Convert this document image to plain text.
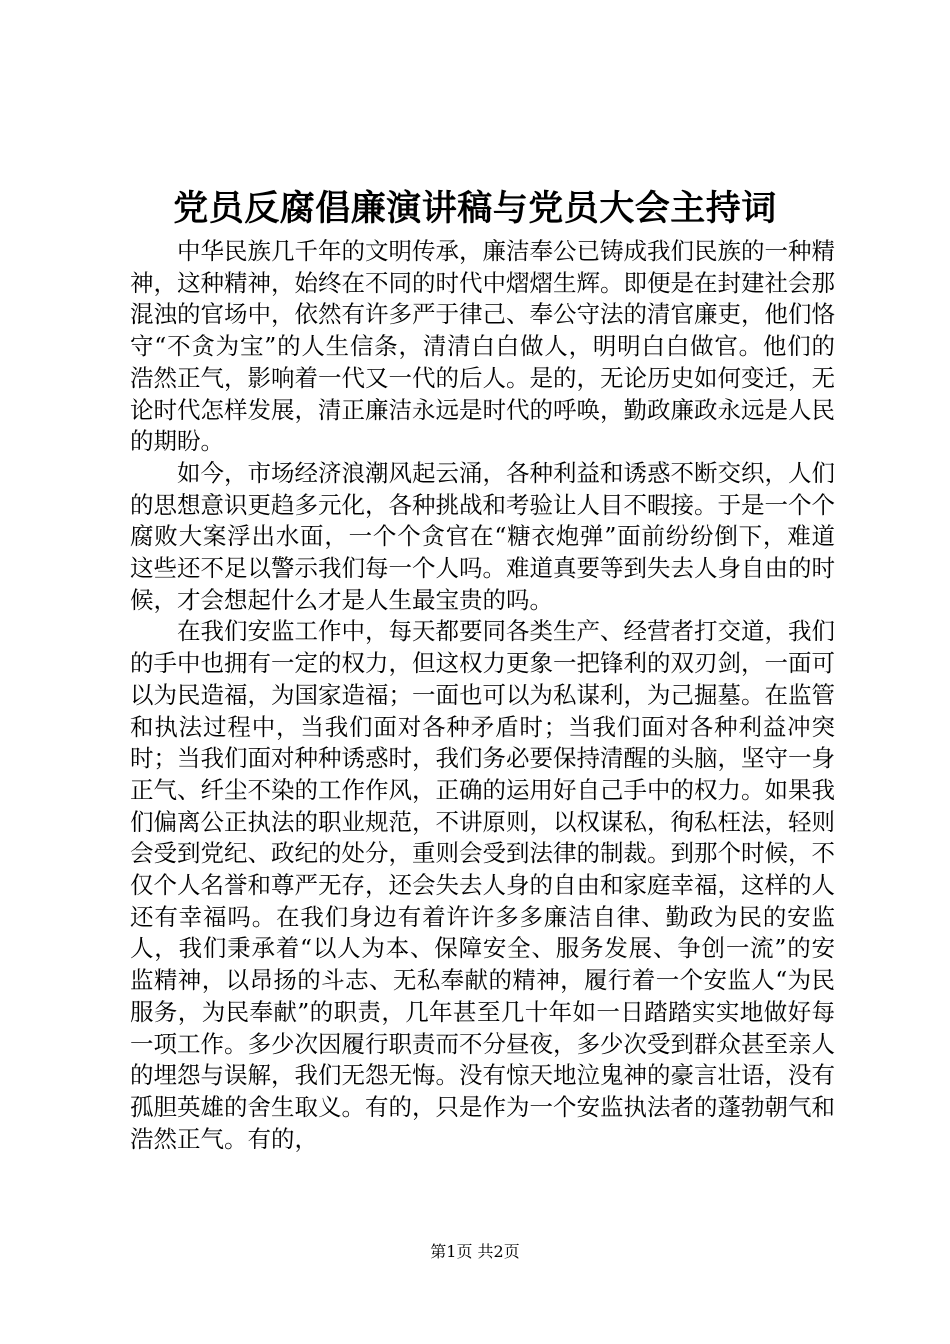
党员反腐倡廉演讲稿与党员大会主持词

中华民族几千年的文明传承，廉洁奉公已铸成我们民族的一种精神，这种精神，始终在不同的时代中熠熠生辉。即便是在封建社会那混浊的官场中，依然有许多严于律己、奉公守法的清官廉吏，他们恪守“不贪为宝”的人生信条，清清白白做人，明明白白做官。他们的浩然正气，影响着一代又一代的后人。是的，无论历史如何变迁，无论时代怎样发展，清正廉洁永远是时代的呼唤，勤政廉政永远是人民的期盼。

如今，市场经济浪潮风起云涌，各种利益和诱惑不断交织，人们的思想意识更趋多元化，各种挑战和考验让人目不暇接。于是一个个腐败大案浮出水面，一个个贪官在“糖衣炮弹”面前纷纷倒下，难道这些还不足以警示我们每一个人吗。难道真要等到失去人身自由的时候，才会想起什么才是人生最宝贵的吗。

在我们安监工作中，每天都要同各类生产、经营者打交道，我们的手中也拥有一定的权力，但这权力更象一把锋利的双刃剑，一面可以为民造福，为国家造福；一面也可以为私谋利，为己掘墓。在监管和执法过程中，当我们面对各种矛盾时；当我们面对各种利益冲突时；当我们面对种种诱惑时，我们务必要保持清醒的头脑，坚守一身正气、纤尘不染的工作作风，正确的运用好自己手中的权力。如果我们偏离公正执法的职业规范，不讲原则，以权谋私，徇私枉法，轻则会受到党纪、政纪的处分，重则会受到法律的制裁。到那个时候，不仅个人名誉和尊严无存，还会失去人身的自由和家庭幸福，这样的人还有幸福吗。在我们身边有着许许多多廉洁自律、勤政为民的安监人，我们秉承着“以人为本、保障安全、服务发展、争创一流”的安监精神，以昂扬的斗志、无私奉献的精神，履行着一个安监人“为民服务，为民奉献”的职责，几年甚至几十年如一日踏踏实实地做好每一项工作。多少次因履行职责而不分昼夜，多少次受到群众甚至亲人的埋怨与误解，我们无怨无悔。没有惊天地泣鬼神的豪言壮语，没有孤胆英雄的舍生取义。有的，只是作为一个安监执法者的蓬勃朝气和浩然正气。有的，

第1页 共2页
